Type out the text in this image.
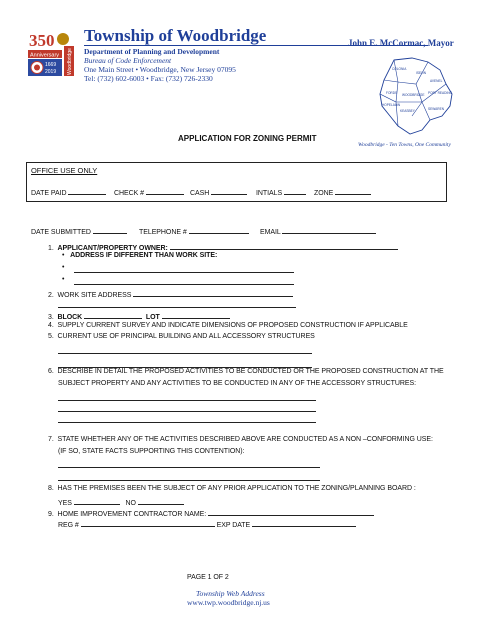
350
Anniversary
1669
2019 Woodbridge
Township of Woodbridge	John E. McCormac, Mayor
Department of Planning and Development
Bureau of Code Enforcement
One Main Street • Woodbridge, New Jersey 07095
Tel: (732) 602-6003 • Fax: (732) 726-2330
COLONIA
ISELIN
AVENEL
PORT READING
FORDS WOODBRIDGE
KEASBEY
HOPELAWN
SEWAREN
Woodbridge - Ten Towns, One Community
APPLICATION FOR ZONING PERMIT
OFFICE USE ONLY
DATE PAID	CHECK #	CASH	INTIALS	ZONE
DATE SUBMITTED	TELEPHONE #	EMAIL
1. APPLICANT/PROPERTY OWNER:
• ADDRESS IF DIFFERENT THAN WORK SITE:
•
•
2. WORK SITE ADDRESS
3. BLOCK	LOT
4. SUPPLY CURRENT SURVEY AND INDICATE DIMENSIONS OF PROPOSED CONSTRUCTION IF APPLICABLE
5. CURRENT USE OF PRINCIPAL BUILDING AND ALL ACCESSORY STRUCTURES
6. DESCRIBE IN DETAIL THE PROPOSED ACTIVITIES TO BE CONDUCTED OR THE PROPOSED CONSTRUCTION AT THE
SUBJECT PROPERTY AND ANY ACTIVITIES TO BE CONDUCTED IN ANY OF THE ACCESSORY STRUCTURES:
7. STATE WHETHER ANY OF THE ACTIVITIES DESCRIBED ABOVE ARE CONDUCTED AS A NON –CONFORMING USE:
(IF SO, STATE FACTS SUPPORTING THIS CONTENTION):
8. HAS THE PREMISES BEEN THE SUBJECT OF ANY PRIOR APPLICATION TO THE ZONING/PLANNING BOARD :
YES	NO
9. HOME IMPROVEMENT CONTRACTOR NAME:
REG #	EXP DATE
PAGE 1 OF 2
Township Web Address
www.twp.woodbridge.nj.us
